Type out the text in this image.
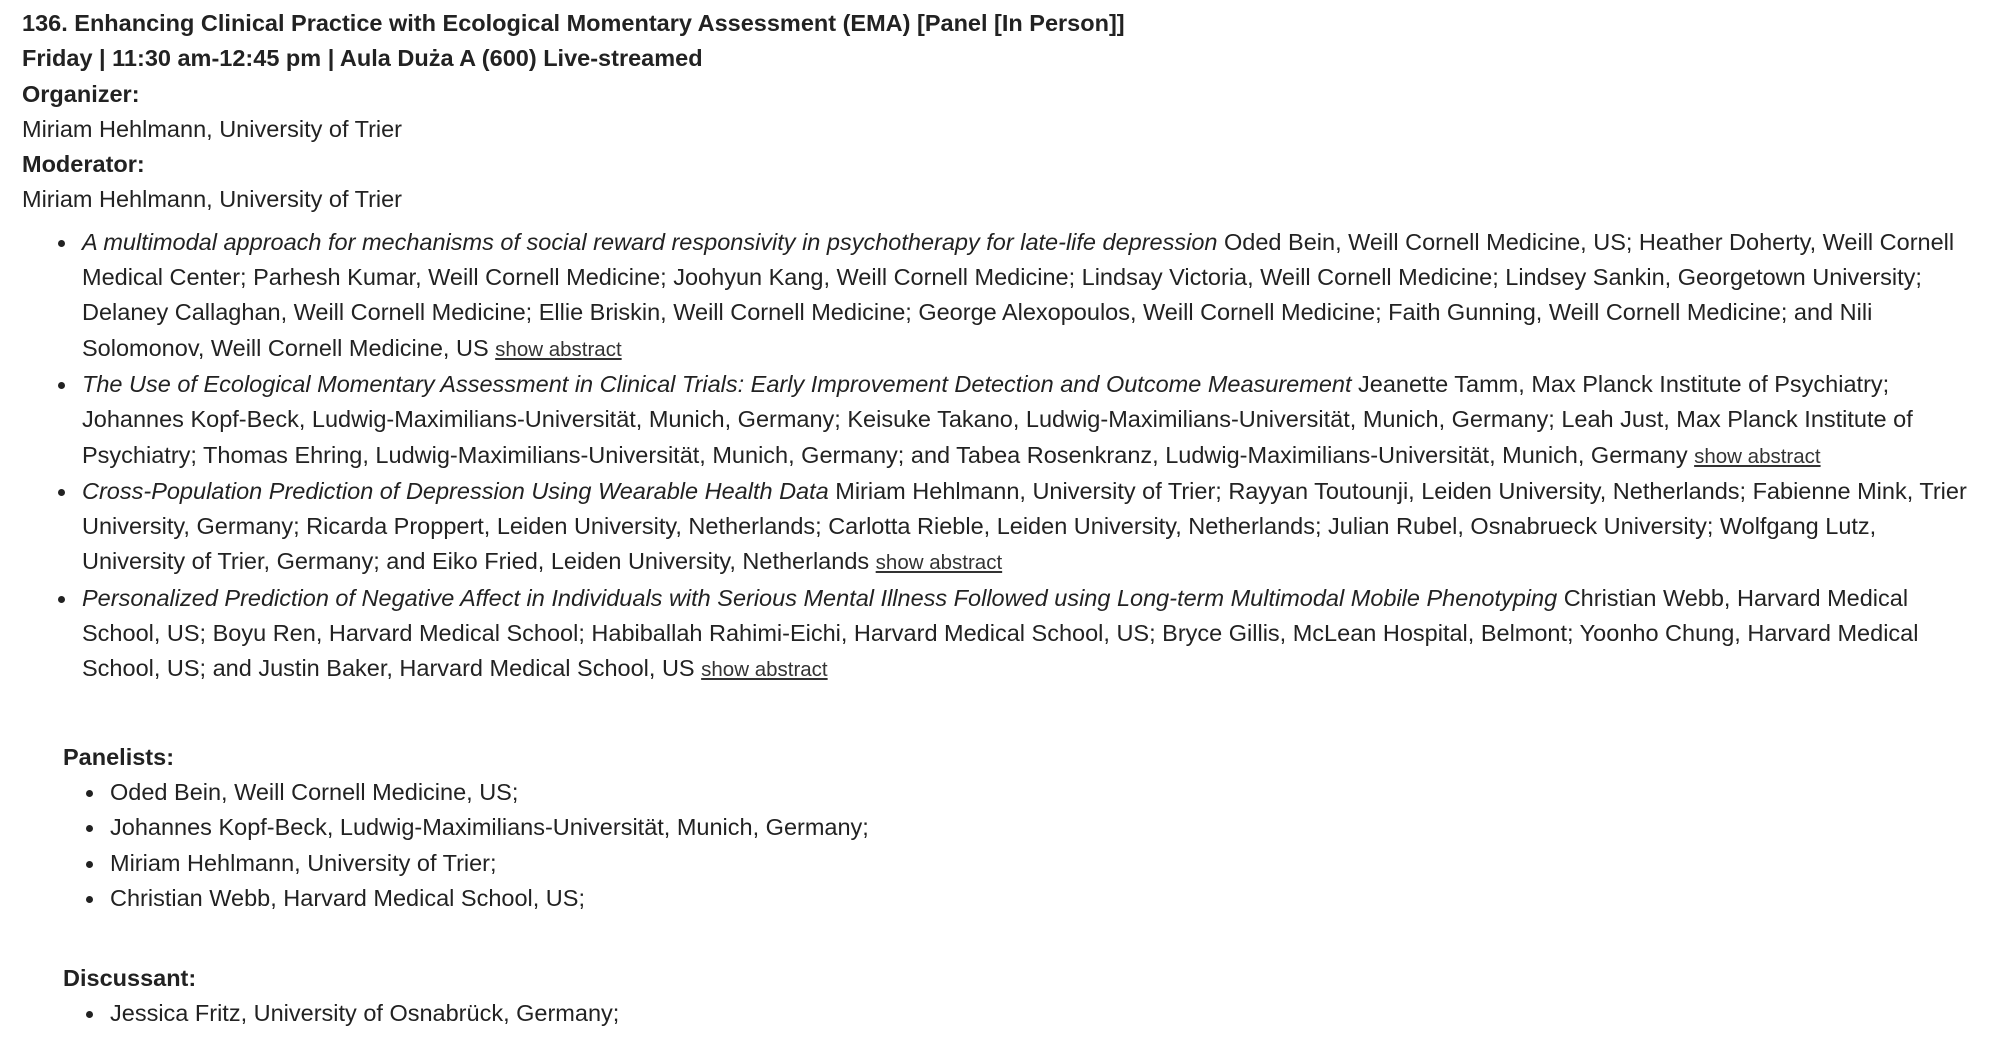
136. Enhancing Clinical Practice with Ecological Momentary Assessment (EMA) [Panel [In Person]]
Friday | 11:30 am-12:45 pm | Aula Duża A (600) Live-streamed
Organizer:
Miriam Hehlmann, University of Trier
Moderator:
Miriam Hehlmann, University of Trier
A multimodal approach for mechanisms of social reward responsivity in psychotherapy for late-life depression Oded Bein, Weill Cornell Medicine, US; Heather Doherty, Weill Cornell Medical Center; Parhesh Kumar, Weill Cornell Medicine; Joohyun Kang, Weill Cornell Medicine; Lindsay Victoria, Weill Cornell Medicine; Lindsey Sankin, Georgetown University; Delaney Callaghan, Weill Cornell Medicine; Ellie Briskin, Weill Cornell Medicine; George Alexopoulos, Weill Cornell Medicine; Faith Gunning, Weill Cornell Medicine; and Nili Solomonov, Weill Cornell Medicine, US show abstract
The Use of Ecological Momentary Assessment in Clinical Trials: Early Improvement Detection and Outcome Measurement Jeanette Tamm, Max Planck Institute of Psychiatry; Johannes Kopf-Beck, Ludwig-Maximilians-Universität, Munich, Germany; Keisuke Takano, Ludwig-Maximilians-Universität, Munich, Germany; Leah Just, Max Planck Institute of Psychiatry; Thomas Ehring, Ludwig-Maximilians-Universität, Munich, Germany; and Tabea Rosenkranz, Ludwig-Maximilians-Universität, Munich, Germany show abstract
Cross-Population Prediction of Depression Using Wearable Health Data Miriam Hehlmann, University of Trier; Rayyan Toutounji, Leiden University, Netherlands; Fabienne Mink, Trier University, Germany; Ricarda Proppert, Leiden University, Netherlands; Carlotta Rieble, Leiden University, Netherlands; Julian Rubel, Osnabrueck University; Wolfgang Lutz, University of Trier, Germany; and Eiko Fried, Leiden University, Netherlands show abstract
Personalized Prediction of Negative Affect in Individuals with Serious Mental Illness Followed using Long-term Multimodal Mobile Phenotyping Christian Webb, Harvard Medical School, US; Boyu Ren, Harvard Medical School; Habiballah Rahimi-Eichi, Harvard Medical School, US; Bryce Gillis, McLean Hospital, Belmont; Yoonho Chung, Harvard Medical School, US; and Justin Baker, Harvard Medical School, US show abstract
Panelists:
Oded Bein, Weill Cornell Medicine, US;
Johannes Kopf-Beck, Ludwig-Maximilians-Universität, Munich, Germany;
Miriam Hehlmann, University of Trier;
Christian Webb, Harvard Medical School, US;
Discussant:
Jessica Fritz, University of Osnabrück, Germany;
